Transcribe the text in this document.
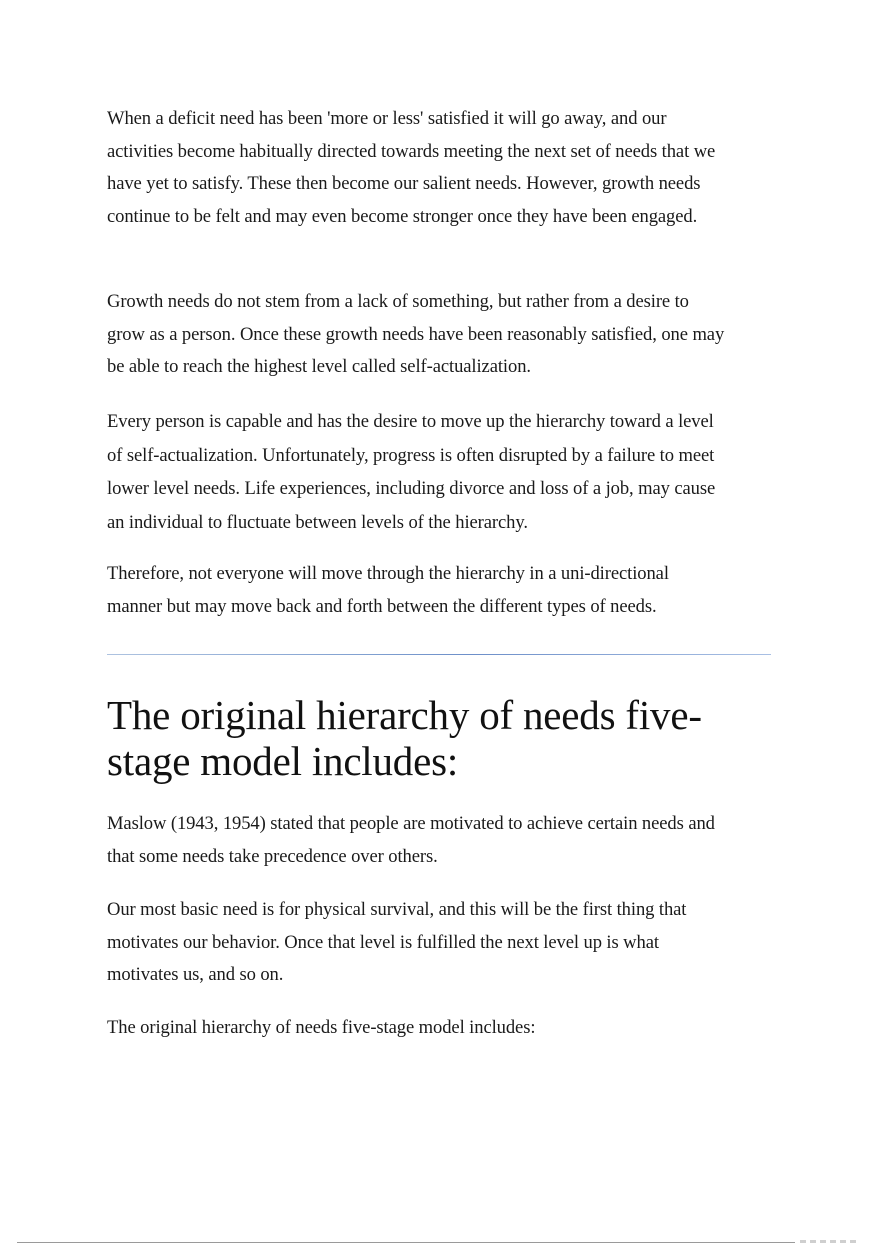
When a deficit need has been 'more or less' satisfied it will go away, and our activities become habitually directed towards meeting the next set of needs that we have yet to satisfy. These then become our salient needs. However, growth needs continue to be felt and may even become stronger once they have been engaged.

Growth needs do not stem from a lack of something, but rather from a desire to grow as a person. Once these growth needs have been reasonably satisfied, one may be able to reach the highest level called self-actualization.

Every person is capable and has the desire to move up the hierarchy toward a level of self-actualization. Unfortunately, progress is often disrupted by a failure to meet lower level needs. Life experiences, including divorce and loss of a job, may cause an individual to fluctuate between levels of the hierarchy.

Therefore, not everyone will move through the hierarchy in a uni-directional manner but may move back and forth between the different types of needs.

The original hierarchy of needs five-stage model includes:

Maslow (1943, 1954) stated that people are motivated to achieve certain needs and that some needs take precedence over others.

Our most basic need is for physical survival, and this will be the first thing that motivates our behavior. Once that level is fulfilled the next level up is what motivates us, and so on.

The original hierarchy of needs five-stage model includes:
